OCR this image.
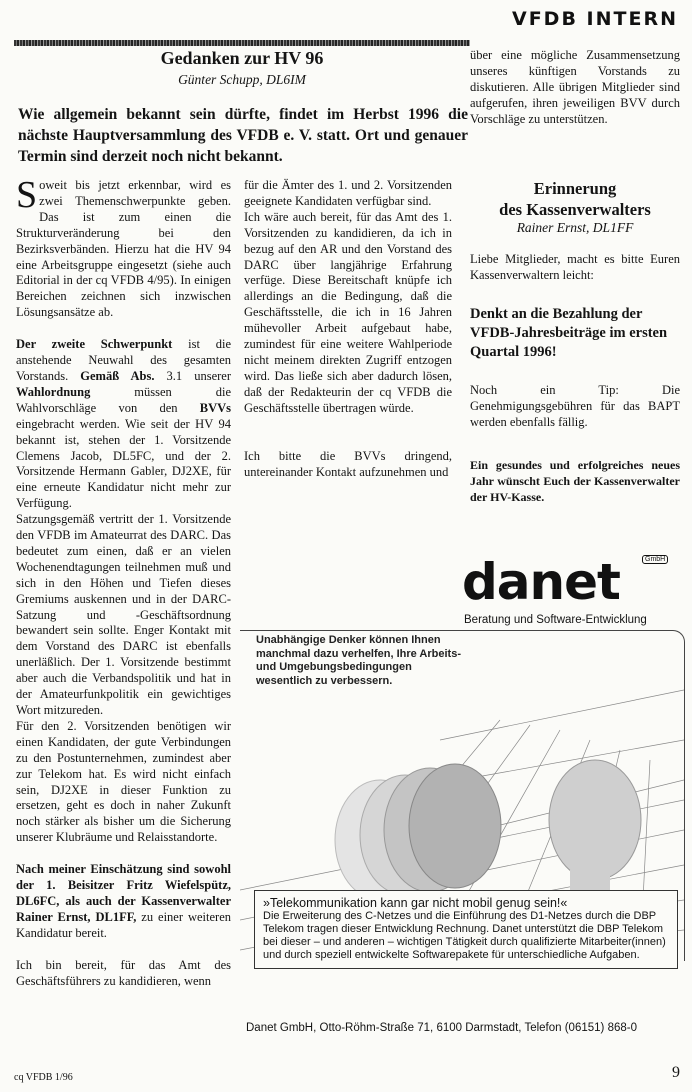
VFDB INTERN
Gedanken zur HV 96
Günter Schupp, DL6IM
Wie allgemein bekannt sein dürfte, findet im Herbst 1996 die nächste Hauptversammlung des VFDB e. V. statt. Ort und genauer Termin sind derzeit noch nicht bekannt.

Soweit bis jetzt erkennbar, wird es zwei Themenschwerpunkte geben. Das ist zum einen die Strukturveränderung bei den Bezirksverbänden. Hierzu hat die HV 94 eine Arbeitsgruppe eingesetzt (siehe auch Editorial in der cq VFDB 4/95). In einigen Bereichen zeichnen sich inzwischen Lösungsansätze ab.

Der zweite Schwerpunkt ist die anstehende Neuwahl des gesamten Vorstands. Gemäß Abs. 3.1 unserer Wahlordnung müssen die Wahlvorschläge von den BVVs eingebracht werden. Wie seit der HV 94 bekannt ist, stehen der 1. Vorsitzende Clemens Jacob, DL5FC, und der 2. Vorsitzende Hermann Gabler, DJ2XE, für eine erneute Kandidatur nicht mehr zur Verfügung.

Satzungsgemäß vertritt der 1. Vorsitzende den VFDB im Amateurrat des DARC. Das bedeutet zum einen, daß er an vielen Wochenendtagungen teilnehmen muß und sich in den Höhen und Tiefen dieses Gremiums auskennen und in der DARC-Satzung und -Geschäftsordnung bewandert sein sollte. Enger Kontakt mit dem Vorstand des DARC ist ebenfalls unerläßlich. Der 1. Vorsitzende bestimmt aber auch die Verbandspolitik und hat in der Amateurfunkpolitik ein gewichtiges Wort mitzureden.

Für den 2. Vorsitzenden benötigen wir einen Kandidaten, der gute Verbindungen zu den Postunternehmen, zumindest aber zur Telekom hat. Es wird nicht einfach sein, DJ2XE in dieser Funktion zu ersetzen, geht es doch in naher Zukunft noch stärker als bisher um die Sicherung unserer Klubräume und Relaisstandorte.

Nach meiner Einschätzung sind sowohl der 1. Beisitzer Fritz Wiefelspütz, DL6FC, als auch der Kassenverwalter Rainer Ernst, DL1FF, zu einer weiteren Kandidatur bereit.

Ich bin bereit, für das Amt des Geschäftsführers zu kandidieren, wenn

für die Ämter des 1. und 2. Vorsitzenden geeignete Kandidaten verfügbar sind.

Ich wäre auch bereit, für das Amt des 1. Vorsitzenden zu kandidieren, da ich in bezug auf den AR und den Vorstand des DARC über langjährige Erfahrung verfüge. Diese Bereitschaft knüpfe ich allerdings an die Bedingung, daß die Geschäftsstelle, die ich in 16 Jahren mühevoller Arbeit aufgebaut habe, zumindest für eine weitere Wahlperiode nicht meinem direkten Zugriff entzogen wird. Das ließe sich aber dadurch lösen, daß der Redakteurin der cq VFDB die Geschäftsstelle übertragen würde.

Ich bitte die BVVs dringend, untereinander Kontakt aufzunehmen und

über eine mögliche Zusammensetzung unseres künftigen Vorstands zu diskutieren. Alle übrigen Mitglieder sind aufgerufen, ihren jeweiligen BVV durch Vorschläge zu unterstützen.
Erinnerung
des Kassenverwalters
Rainer Ernst, DL1FF
Liebe Mitglieder, macht es bitte Euren Kassenverwaltern leicht:
Denkt an die Bezahlung der VFDB-Jahresbeiträge im ersten Quartal 1996!
Noch ein Tip: Die Genehmigungsgebühren für das BAPT werden ebenfalls fällig.
Ein gesundes und erfolgreiches neues Jahr wünscht Euch der Kassenverwalter der HV-Kasse.
danet	GmbH
Beratung und Software-Entwicklung
Unabhängige Denker können Ihnen manchmal dazu verhelfen, Ihre Arbeits- und Umgebungsbedingungen wesentlich zu verbessern.
»Telekommunikation kann gar nicht mobil genug sein!«
Die Erweiterung des C-Netzes und die Einführung des D1-Netzes durch die DBP Telekom tragen dieser Entwicklung Rechnung. Danet unterstützt die DBP Telekom bei dieser – und anderen – wichtigen Tätigkeit durch qualifizierte Mitarbeiter(innen) und durch speziell entwickelte Softwarepakete für unterschiedliche Aufgaben.
Danet GmbH, Otto-Röhm-Straße 71, 6100 Darmstadt, Telefon (06151) 868-0
cq VFDB 1/96	9
